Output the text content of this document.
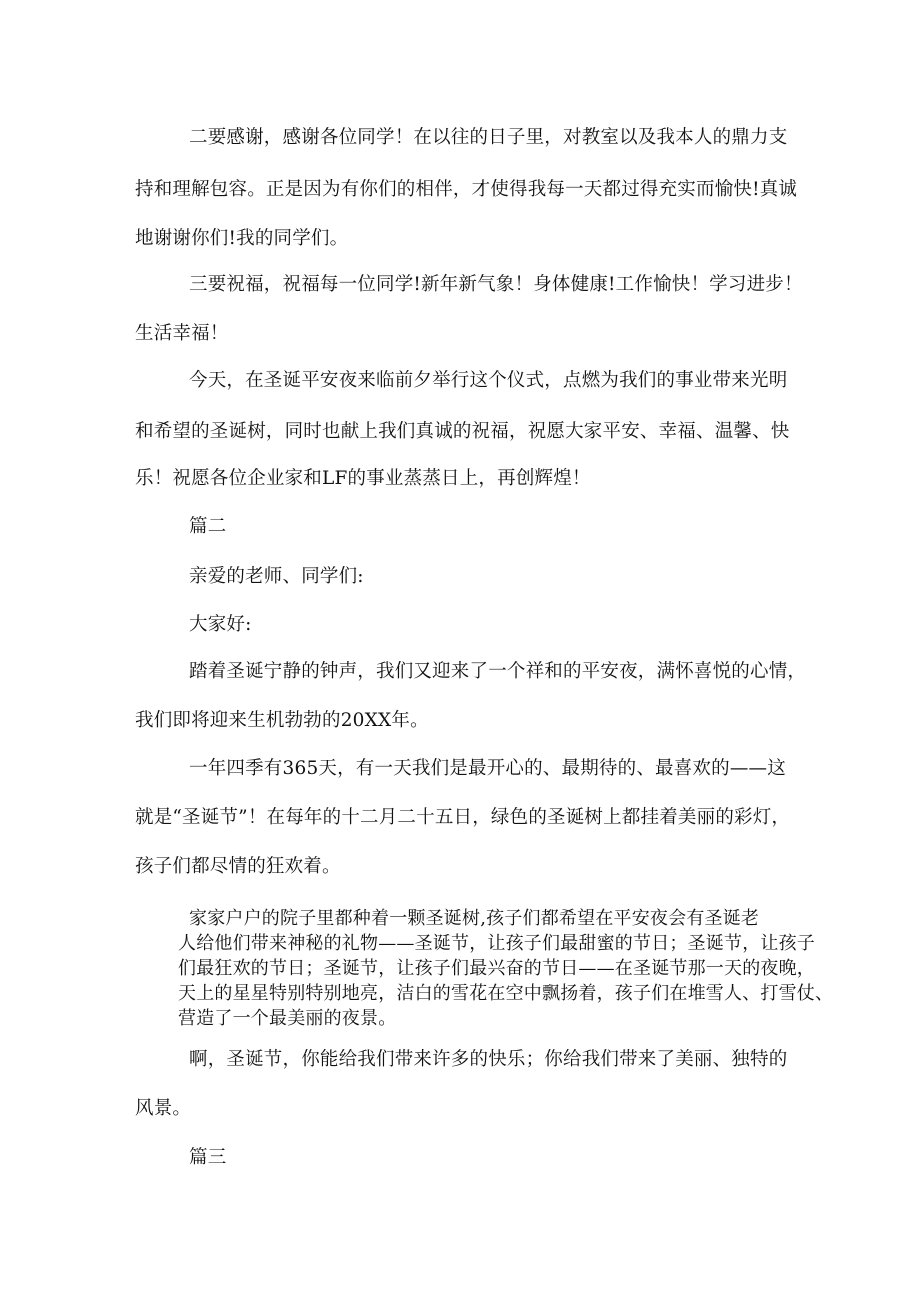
二要感谢，感谢各位同学！在以往的日子里，对教室以及我本人的鼎力支

持和理解包容。正是因为有你们的相伴，才使得我每一天都过得充实而愉快!真诚

地谢谢你们!我的同学们。

三要祝福，祝福每一位同学!新年新气象！身体健康!工作愉快！学习进步！

生活幸福！

今天，在圣诞平安夜来临前夕举行这个仪式，点燃为我们的事业带来光明

和希望的圣诞树，同时也献上我们真诚的祝福，祝愿大家平安、幸福、温馨、快

乐！祝愿各位企业家和LF的事业蒸蒸日上，再创辉煌！

篇二

亲爱的老师、同学们:

大家好:

踏着圣诞宁静的钟声，我们又迎来了一个祥和的平安夜，满怀喜悦的心情，

我们即将迎来生机勃勃的20XX年。

一年四季有365天，有一天我们是最开心的、最期待的、最喜欢的——这

就是“圣诞节”！在每年的十二月二十五日，绿色的圣诞树上都挂着美丽的彩灯，

孩子们都尽情的狂欢着。

家家户户的院子里都种着一颗圣诞树,孩子们都希望在平安夜会有圣诞老

人给他们带来神秘的礼物——圣诞节，让孩子们最甜蜜的节日；圣诞节，让孩子

们最狂欢的节日；圣诞节，让孩子们最兴奋的节日——在圣诞节那一天的夜晚，

天上的星星特别特别地亮，洁白的雪花在空中飘扬着，孩子们在堆雪人、打雪仗、

营造了一个最美丽的夜景。

啊，圣诞节，你能给我们带来许多的快乐；你给我们带来了美丽、独特的

风景。

篇三
